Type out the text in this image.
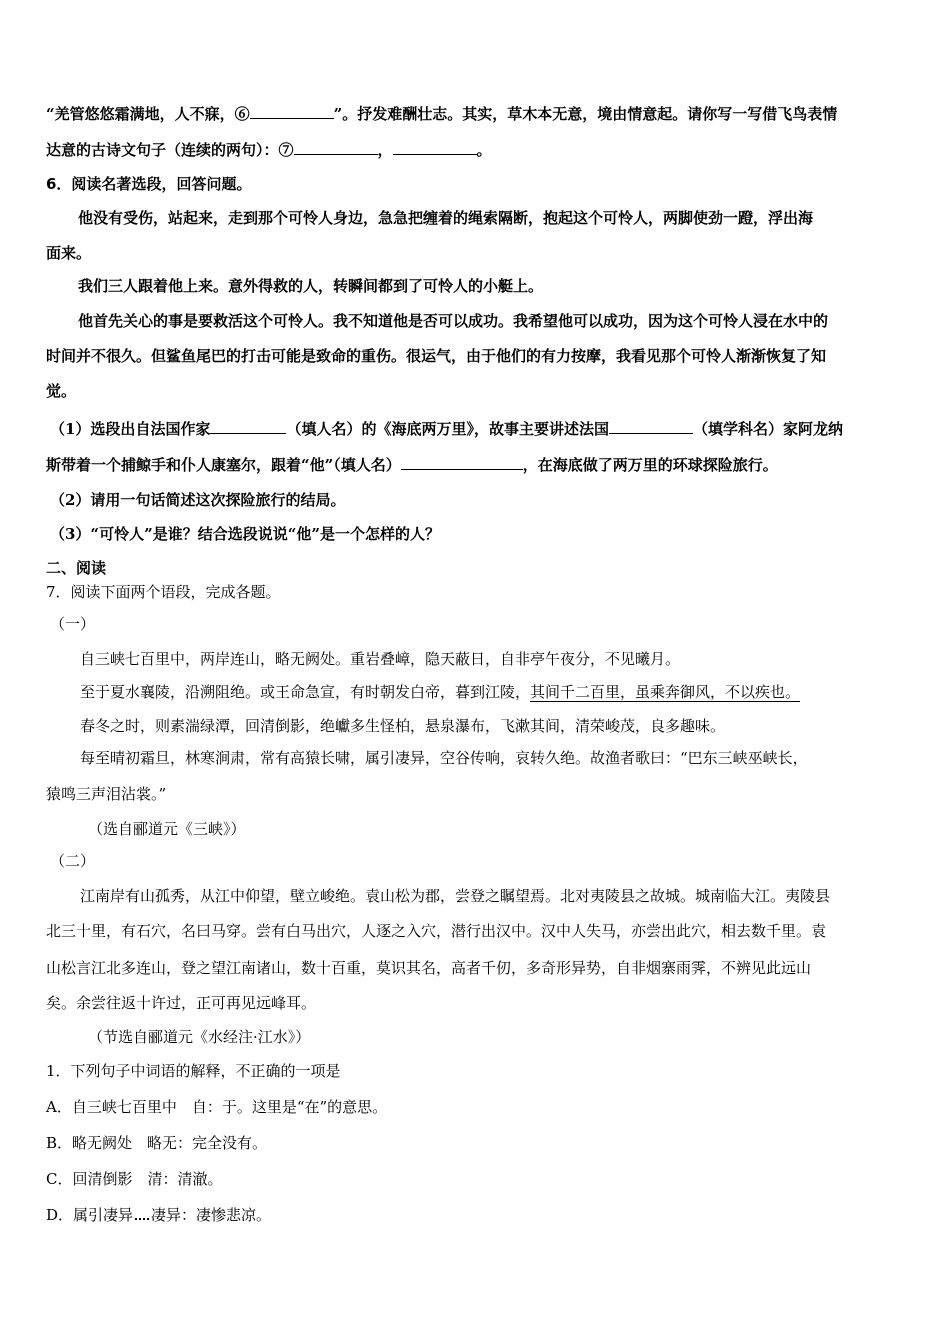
“羌管悠悠霜满地，人不寐，⑥	”。抒发难酬壮志。其实，草木本无意，境由情意起。请你写一写借飞鸟表情
达意的古诗文句子（连续的两句）：⑦	，	。
6．阅读名著选段，回答问题。
他没有受伤，站起来，走到那个可怜人身边，急急把缠着的绳索隔断，抱起这个可怜人，两脚使劲一蹬，浮出海
面来。
我们三人跟着他上来。意外得救的人，转瞬间都到了可怜人的小艇上。
他首先关心的事是要救活这个可怜人。我不知道他是否可以成功。我希望他可以成功，因为这个可怜人浸在水中的
时间并不很久。但鲨鱼尾巴的打击可能是致命的重伤。很运气，由于他们的有力按摩，我看见那个可怜人渐渐恢复了知
觉。
（1）选段出自法国作家	（填人名）的《海底两万里》，故事主要讲述法国	（填学科名）家阿龙纳
斯带着一个捕鲸手和仆人康塞尔，跟着“他”（填人名）	，在海底做了两万里的环球探险旅行。
（2）请用一句话简述这次探险旅行的结局。
（3）“可怜人”是谁？结合选段说说“他”是一个怎样的人？
二、阅读
7．阅读下面两个语段，完成各题。
（一）
自三峡七百里中，两岸连山，略无阙处。重岩叠嶂，隐天蔽日，自非亭午夜分，不见曦月。
至于夏水襄陵，沿溯阻绝。或王命急宣，有时朝发白帝，暮到江陵，其间千二百里，虽乘奔御风，不以疾也。
春冬之时，则素湍绿潭，回清倒影，绝巘多生怪柏，悬泉瀑布，飞漱其间，清荣峻茂，良多趣味。
每至晴初霜旦，林寒涧肃，常有高猿长啸，属引凄异，空谷传响，哀转久绝。故渔者歌曰：“巴东三峡巫峡长，
猿鸣三声泪沾裳。”
（选自郦道元《三峡》）
（二）
江南岸有山孤秀，从江中仰望，壁立峻绝。袁山松为郡，尝登之瞩望焉。北对夷陵县之故城。城南临大江。夷陵县
北三十里，有石穴，名曰马穿。尝有白马出穴，人逐之入穴，潜行出汉中。汉中人失马，亦尝出此穴，相去数千里。袁
山松言江北多连山，登之望江南诸山，数十百重，莫识其名，高者千仞，多奇形异势，自非烟寨雨霁，不辨见此远山
矣。余尝往返十许过，正可再见远峰耳。
（节选自郦道元《水经注·江水》）
1．下列句子中词语的解释，不正确的一项是
A．自三峡七百里中　自：于。这里是“在”的意思。
B．略无阙处　略无：完全没有。
C．回清倒影　清：清澈。
D．属引凄异 凄异：凄惨悲凉。
